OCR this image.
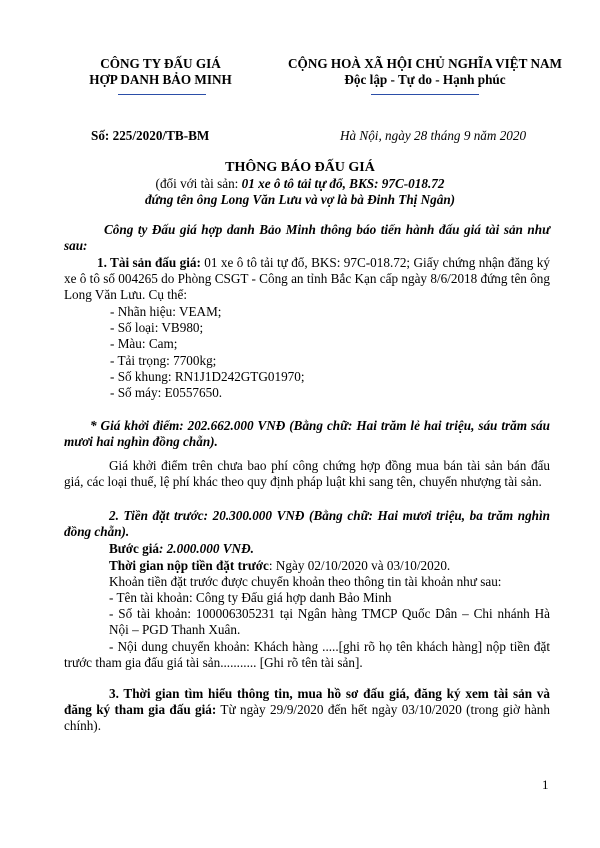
CÔNG TY ĐẤU GIÁ
HỢP DANH BẢO MINH
CỘNG HOÀ XÃ HỘI CHỦ NGHĨA VIỆT NAM
Độc lập - Tự do - Hạnh phúc
Số: 225/2020/TB-BM	Hà Nội, ngày 28 tháng 9 năm 2020
THÔNG BÁO ĐẤU GIÁ
(đối với tài sản: 01 xe ô tô tải tự đổ, BKS: 97C-018.72
đứng tên ông Long Văn Lưu và vợ là bà Đinh Thị Ngân)
Công ty Đấu giá hợp danh Bảo Minh thông báo tiến hành đấu giá tài sản như sau:
1. Tài sản đấu giá: 01 xe ô tô tải tự đổ, BKS: 97C-018.72; Giấy chứng nhận đăng ký xe ô tô số 004265 do Phòng CSGT - Công an tỉnh Bắc Kạn cấp ngày 8/6/2018 đứng tên ông Long Văn Lưu. Cụ thể:

- Nhãn hiệu: VEAM;

- Số loại: VB980;

- Màu: Cam;

- Tải trọng: 7700kg;

- Số khung: RN1J1D242GTG01970;

- Số máy: E0557650.

* Giá khởi điểm: 202.662.000 VNĐ (Bằng chữ: Hai trăm lẻ hai triệu, sáu trăm sáu mươi hai nghìn đồng chẵn).
Giá khởi điểm trên chưa bao phí công chứng hợp đồng mua bán tài sản bán đấu giá, các loại thuế, lệ phí khác theo quy định pháp luật khi sang tên, chuyển nhượng tài sản.
2. Tiền đặt trước: 20.300.000 VNĐ (Bằng chữ: Hai mươi triệu, ba trăm nghìn đồng chẵn).
Bước giá: 2.000.000 VNĐ.
Thời gian nộp tiền đặt trước: Ngày 02/10/2020 và 03/10/2020.
Khoản tiền đặt trước được chuyển khoản theo thông tin tài khoản như sau:
- Tên tài khoản: Công ty Đấu giá hợp danh Bảo Minh
- Số tài khoản: 100006305231 tại Ngân hàng TMCP Quốc Dân – Chi nhánh Hà Nội – PGD Thanh Xuân.
- Nội dung chuyển khoản: Khách hàng .....[ghi rõ họ tên khách hàng] nộp tiền đặt trước tham gia đấu giá tài sản........... [Ghi rõ tên tài sản].
3. Thời gian tìm hiểu thông tin, mua hồ sơ đấu giá, đăng ký xem tài sản và đăng ký tham gia đấu giá: Từ ngày 29/9/2020 đến hết ngày 03/10/2020 (trong giờ hành chính).
1
